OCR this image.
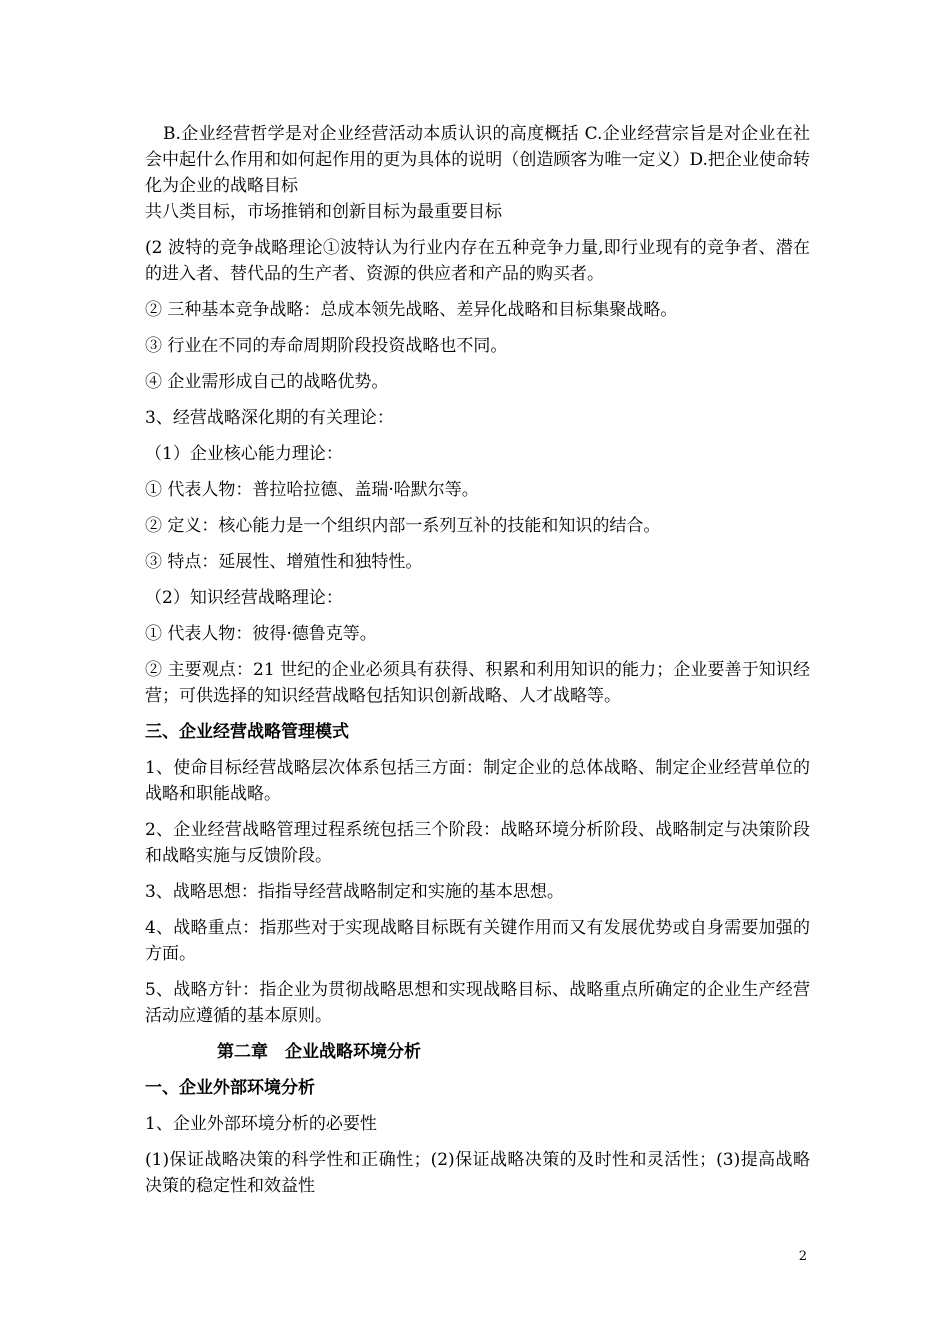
B.企业经营哲学是对企业经营活动本质认识的高度概括 C.企业经营宗旨是对企业在社会中起什么作用和如何起作用的更为具体的说明（创造顾客为唯一定义）D.把企业使命转化为企业的战略目标

共八类目标，市场推销和创新目标为最重要目标

(2 波特的竞争战略理论①波特认为行业内存在五种竞争力量,即行业现有的竞争者、潜在的进入者、替代品的生产者、资源的供应者和产品的购买者。

② 三种基本竞争战略：总成本领先战略、差异化战略和目标集聚战略。

③ 行业在不同的寿命周期阶段投资战略也不同。

④ 企业需形成自己的战略优势。

3、经营战略深化期的有关理论：

（1）企业核心能力理论：

① 代表人物：普拉哈拉德、盖瑞·哈默尔等。

② 定义：核心能力是一个组织内部一系列互补的技能和知识的结合。

③ 特点：延展性、增殖性和独特性。

（2）知识经营战略理论：

① 代表人物：彼得·德鲁克等。

② 主要观点：21 世纪的企业必须具有获得、积累和利用知识的能力；企业要善于知识经营；可供选择的知识经营战略包括知识创新战略、人才战略等。

三、企业经营战略管理模式

1、使命目标经营战略层次体系包括三方面：制定企业的总体战略、制定企业经营单位的战略和职能战略。

2、企业经营战略管理过程系统包括三个阶段：战略环境分析阶段、战略制定与决策阶段和战略实施与反馈阶段。

3、战略思想：指指导经营战略制定和实施的基本思想。

4、战略重点：指那些对于实现战略目标既有关键作用而又有发展优势或自身需要加强的方面。

5、战略方针：指企业为贯彻战略思想和实现战略目标、战略重点所确定的企业生产经营活动应遵循的基本原则。

第二章　企业战略环境分析

一、企业外部环境分析

1、企业外部环境分析的必要性

(1)保证战略决策的科学性和正确性；(2)保证战略决策的及时性和灵活性；(3)提高战略决策的稳定性和效益性

2
